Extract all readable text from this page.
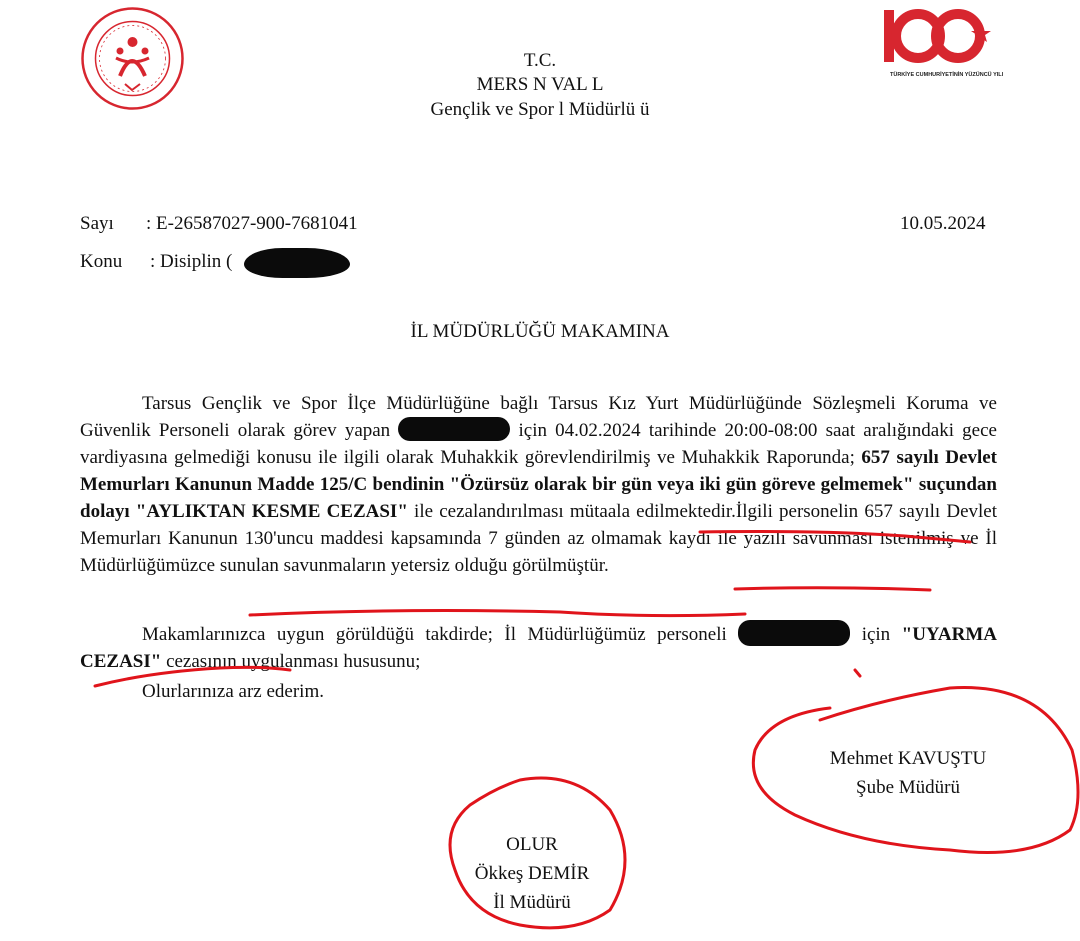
TÜRKİYE CUMHURİYETİNİN YÜZÜNCÜ YILI
T.C.
MERS N VAL L
Gençlik ve Spor l Müdürlü ü
Sayı : E-26587027-900-7681041	10.05.2024
Konu : Disiplin (
İL MÜDÜRLÜĞÜ MAKAMINA
Tarsus Gençlik ve Spor İlçe Müdürlüğüne bağlı Tarsus Kız Yurt Müdürlüğünde Sözleşmeli Koruma ve Güvenlik Personeli olarak görev yapan	için 04.02.2024 tarihinde 20:00-08:00 saat aralığındaki gece vardiyasına gelmediği konusu ile ilgili olarak Muhakkik görevlendirilmiş ve Muhakkik Raporunda; 657 sayılı Devlet Memurları Kanunun Madde 125/C bendinin "Özürsüz olarak bir gün veya iki gün göreve gelmemek" suçundan dolayı "AYLIKTAN KESME CEZASI" ile cezalandırılması mütaala edilmektedir.İlgili personelin 657 sayılı Devlet Memurları Kanunun 130'uncu maddesi kapsamında 7 günden az olmamak kaydı ile yazılı savunması istenilmiş ve İl Müdürlüğümüzce sunulan savunmaların yetersiz olduğu görülmüştür.
Makamlarınızca uygun görüldüğü takdirde; İl Müdürlüğümüz personeli	için "UYARMA CEZASI" cezasının uygulanması hususunu;
Olurlarınıza arz ederim.
Mehmet KAVUŞTU
Şube Müdürü
OLUR
Ökkeş DEMİR
İl Müdürü
